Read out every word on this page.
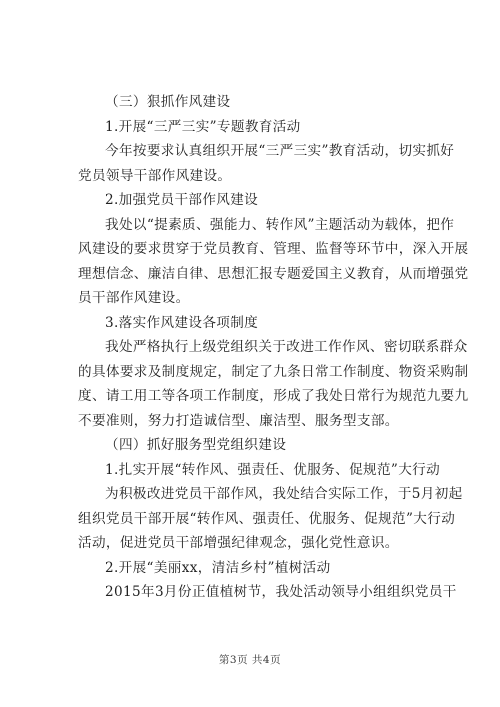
（三）狠抓作风建设
1.开展“三严三实”专题教育活动
今年按要求认真组织开展“三严三实”教育活动，切实抓好
党员领导干部作风建设。
2.加强党员干部作风建设
我处以“提素质、强能力、转作风”主题活动为载体，把作
风建设的要求贯穿于党员教育、管理、监督等环节中，深入开展
理想信念、廉洁自律、思想汇报专题爱国主义教育，从而增强党
员干部作风建设。
3.落实作风建设各项制度
我处严格执行上级党组织关于改进工作作风、密切联系群众
的具体要求及制度规定，制定了九条日常工作制度、物资采购制
度、请工用工等各项工作制度，形成了我处日常行为规范九要九
不要准则，努力打造诚信型、廉洁型、服务型支部。
（四）抓好服务型党组织建设
1.扎实开展“转作风、强责任、优服务、促规范”大行动
为积极改进党员干部作风，我处结合实际工作，于5月初起
组织党员干部开展“转作风、强责任、优服务、促规范”大行动
活动，促进党员干部增强纪律观念，强化党性意识。
2.开展“美丽xx，清洁乡村”植树活动
2015年3月份正值植树节，我处活动领导小组组织党员干
第3页 共4页
